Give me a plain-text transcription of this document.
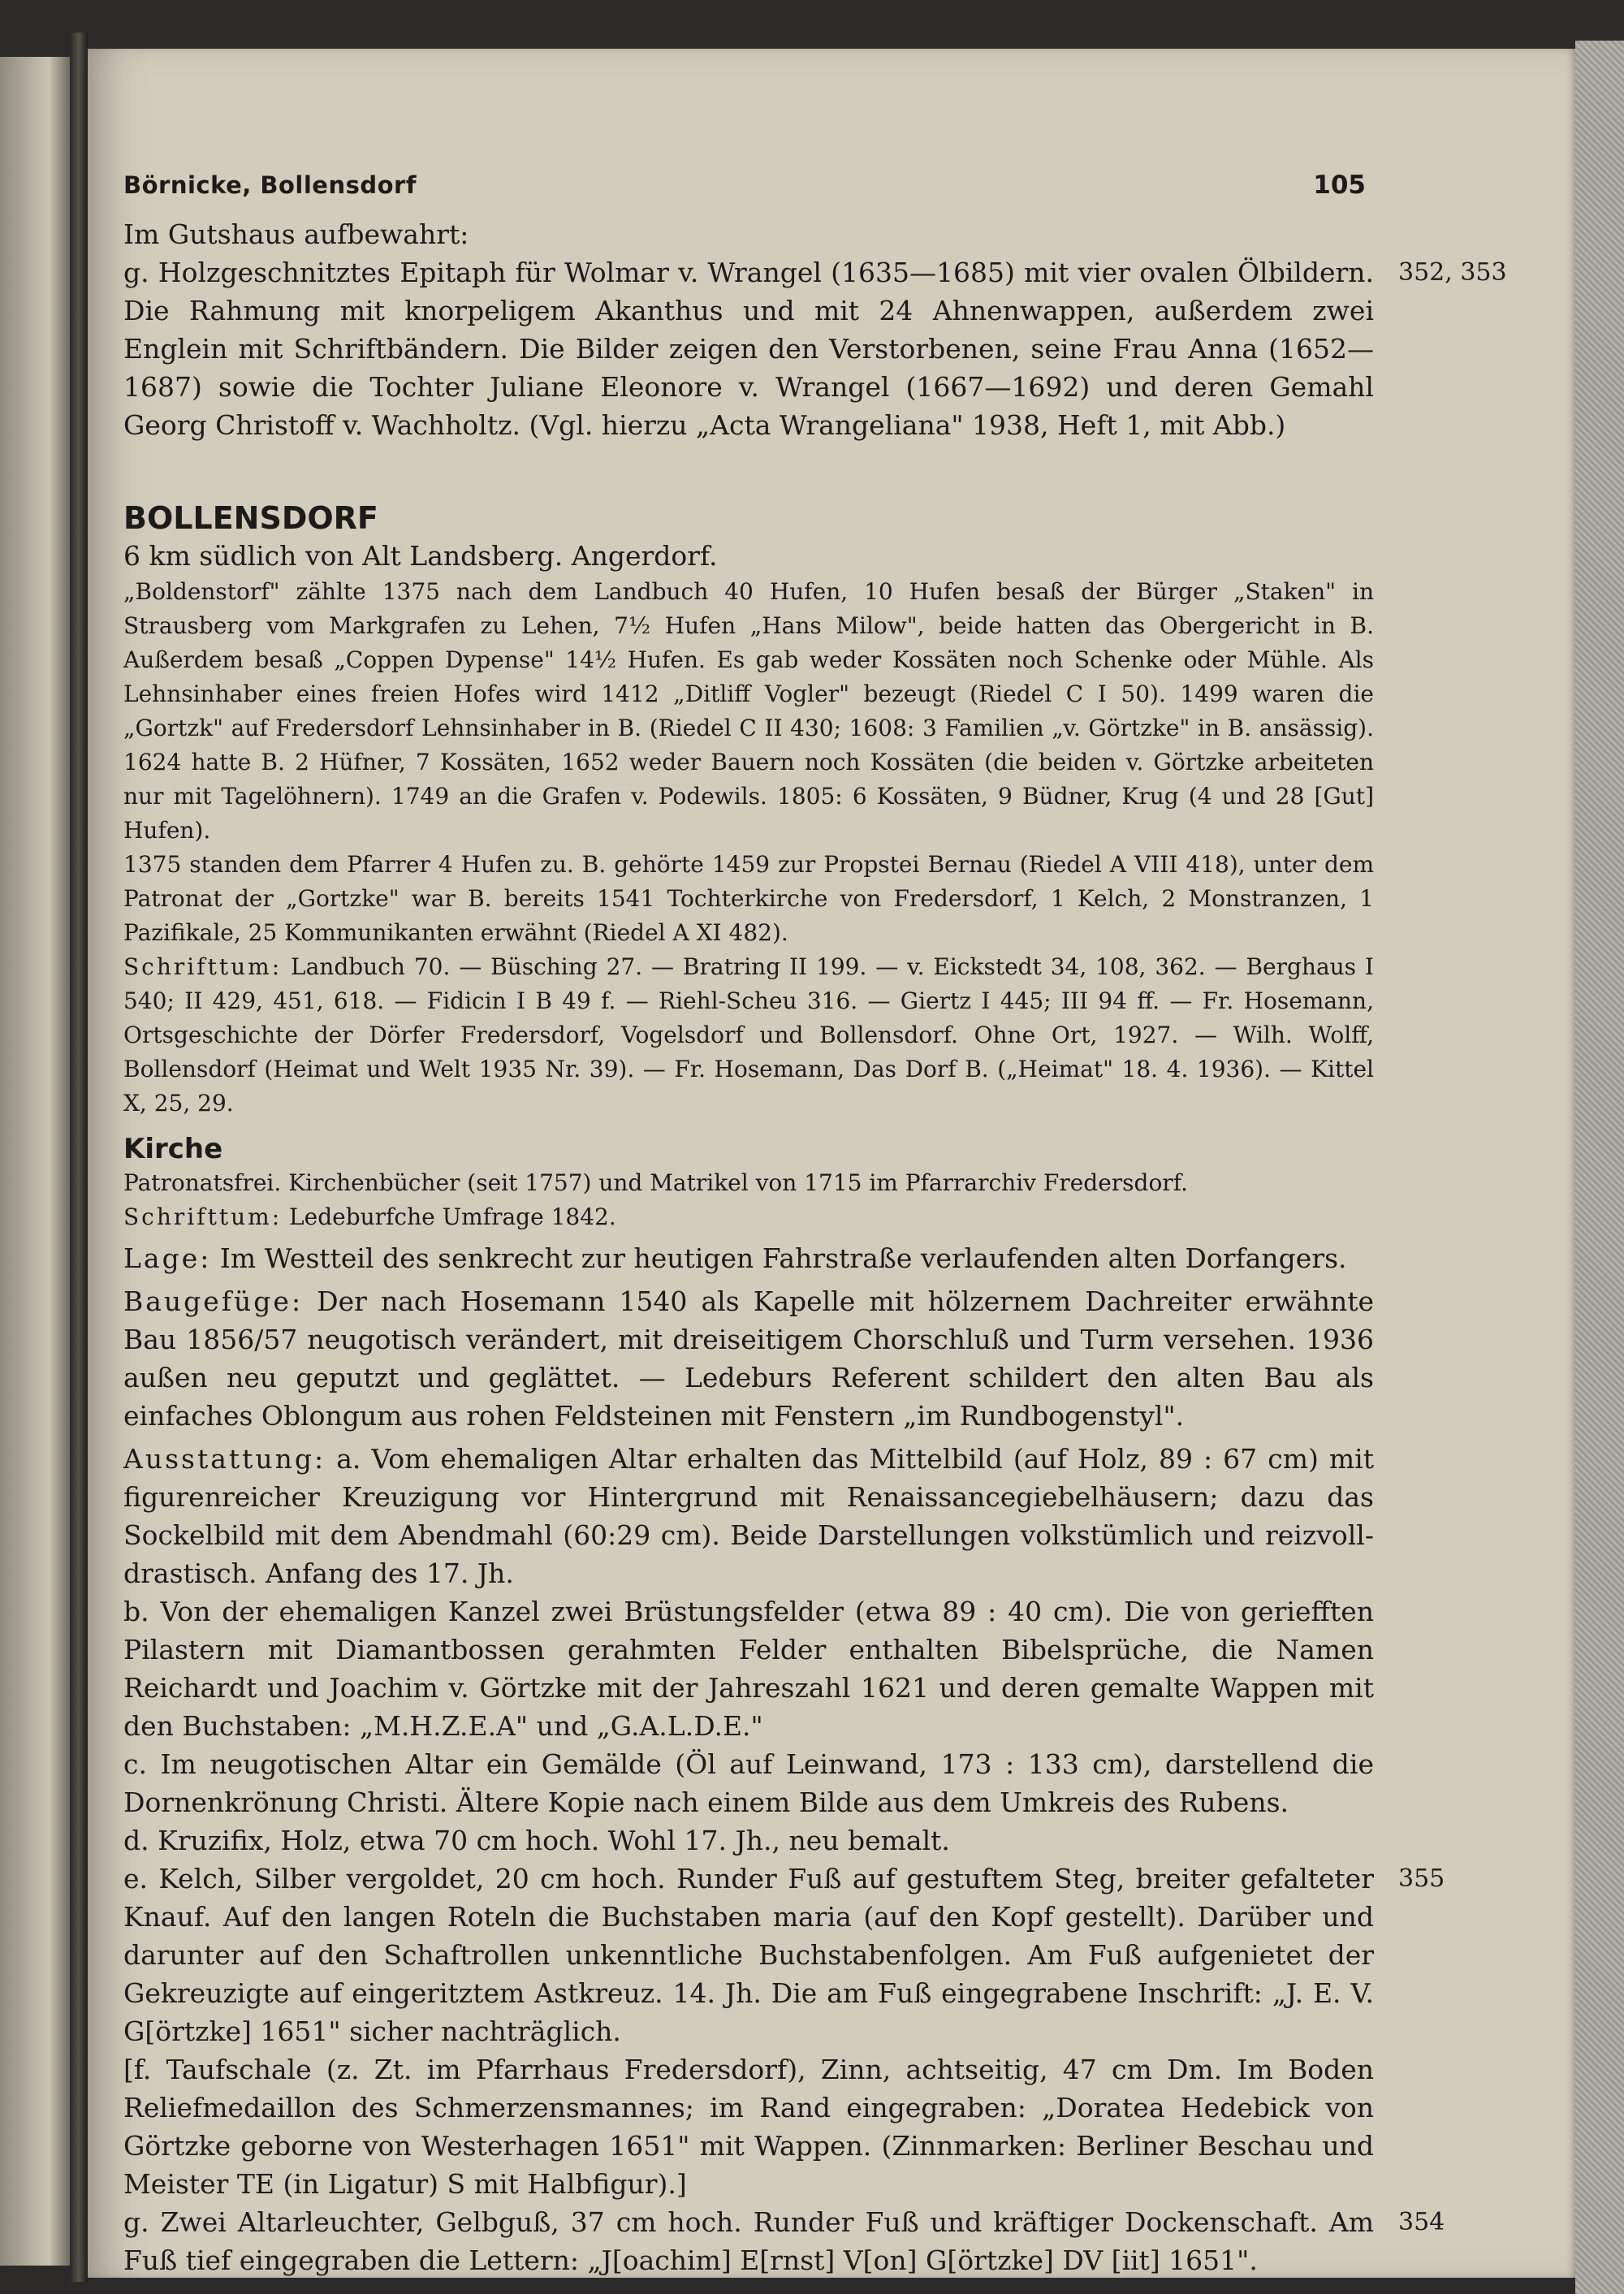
Börnicke, Bollensdorf	105

Im Gutshaus aufbewahrt:

352, 353

g. Holzgeschnitztes Epitaph für Wolmar v. Wrangel (1635—1685) mit vier ovalen Ölbildern. Die Rahmung mit knorpeligem Akanthus und mit 24 Ahnenwappen, außerdem zwei Englein mit Schriftbändern. Die Bilder zeigen den Verstorbenen, seine Frau Anna (1652—1687) sowie die Tochter Juliane Eleonore v. Wrangel (1667—1692) und deren Gemahl Georg Christoff v. Wachholtz. (Vgl. hierzu „Acta Wrangeliana" 1938, Heft 1, mit Abb.)

BOLLENSDORF

6 km südlich von Alt Landsberg. Angerdorf.

„Boldenstorf" zählte 1375 nach dem Landbuch 40 Hufen, 10 Hufen besaß der Bürger „Staken" in Strausberg vom Markgrafen zu Lehen, 7½ Hufen „Hans Milow", beide hatten das Obergericht in B. Außerdem besaß „Coppen Dypense" 14½ Hufen. Es gab weder Kossäten noch Schenke oder Mühle. Als Lehnsinhaber eines freien Hofes wird 1412 „Ditliff Vogler" bezeugt (Riedel C I 50). 1499 waren die „Gortzk" auf Fredersdorf Lehnsinhaber in B. (Riedel C II 430; 1608: 3 Familien „v. Görtzke" in B. ansässig). 1624 hatte B. 2 Hüfner, 7 Kossäten, 1652 weder Bauern noch Kossäten (die beiden v. Görtzke arbeiteten nur mit Tagelöhnern). 1749 an die Grafen v. Podewils. 1805: 6 Kossäten, 9 Büdner, Krug (4 und 28 [Gut] Hufen).

1375 standen dem Pfarrer 4 Hufen zu. B. gehörte 1459 zur Propstei Bernau (Riedel A VIII 418), unter dem Patronat der „Gortzke" war B. bereits 1541 Tochterkirche von Fredersdorf, 1 Kelch, 2 Monstranzen, 1 Pazifikale, 25 Kommunikanten erwähnt (Riedel A XI 482).

Schrifttum: Landbuch 70. — Büsching 27. — Bratring II 199. — v. Eickstedt 34, 108, 362. — Berghaus I 540; II 429, 451, 618. — Fidicin I B 49 f. — Riehl-Scheu 316. — Giertz I 445; III 94 ff. — Fr. Hosemann, Ortsgeschichte der Dörfer Fredersdorf, Vogelsdorf und Bollensdorf. Ohne Ort, 1927. — Wilh. Wolff, Bollensdorf (Heimat und Welt 1935 Nr. 39). — Fr. Hosemann, Das Dorf B. („Heimat" 18. 4. 1936). — Kittel X, 25, 29.

Kirche

Patronatsfrei. Kirchenbücher (seit 1757) und Matrikel von 1715 im Pfarrarchiv Fredersdorf.

Schrifttum: Ledeburfche Umfrage 1842.

Lage: Im Westteil des senkrecht zur heutigen Fahrstraße verlaufenden alten Dorfangers.

Baugefüge: Der nach Hosemann 1540 als Kapelle mit hölzernem Dachreiter erwähnte Bau 1856/57 neugotisch verändert, mit dreiseitigem Chorschluß und Turm versehen. 1936 außen neu geputzt und geglättet. — Ledeburs Referent schildert den alten Bau als einfaches Oblongum aus rohen Feldsteinen mit Fenstern „im Rundbogenstyl".

Ausstattung: a. Vom ehemaligen Altar erhalten das Mittelbild (auf Holz, 89 : 67 cm) mit figurenreicher Kreuzigung vor Hintergrund mit Renaissancegiebelhäusern; dazu das Sockelbild mit dem Abendmahl (60:29 cm). Beide Darstellungen volkstümlich und reizvoll-drastisch. Anfang des 17. Jh.

b. Von der ehemaligen Kanzel zwei Brüstungsfelder (etwa 89 : 40 cm). Die von geriefften Pilastern mit Diamantbossen gerahmten Felder enthalten Bibelsprüche, die Namen Reichardt und Joachim v. Görtzke mit der Jahreszahl 1621 und deren gemalte Wappen mit den Buchstaben: „M.H.Z.E.A" und „G.A.L.D.E."

c. Im neugotischen Altar ein Gemälde (Öl auf Leinwand, 173 : 133 cm), darstellend die Dornenkrönung Christi. Ältere Kopie nach einem Bilde aus dem Umkreis des Rubens.

d. Kruzifix, Holz, etwa 70 cm hoch. Wohl 17. Jh., neu bemalt.

355

e. Kelch, Silber vergoldet, 20 cm hoch. Runder Fuß auf gestuftem Steg, breiter gefalteter Knauf. Auf den langen Roteln die Buchstaben maria (auf den Kopf gestellt). Darüber und darunter auf den Schaftrollen unkenntliche Buchstabenfolgen. Am Fuß aufgenietet der Gekreuzigte auf eingeritztem Astkreuz. 14. Jh. Die am Fuß eingegrabene Inschrift: „J. E. V. G[örtzke] 1651" sicher nachträglich.

[f. Taufschale (z. Zt. im Pfarrhaus Fredersdorf), Zinn, achtseitig, 47 cm Dm. Im Boden Reliefmedaillon des Schmerzensmannes; im Rand eingegraben: „Doratea Hedebick von Görtzke geborne von Westerhagen 1651" mit Wappen. (Zinnmarken: Berliner Beschau und Meister TE (in Ligatur) S mit Halbfigur).]

354

g. Zwei Altarleuchter, Gelbguß, 37 cm hoch. Runder Fuß und kräftiger Dockenschaft. Am Fuß tief eingegraben die Lettern: „J[oachim] E[rnst] V[on] G[örtzke] DV [iit] 1651".
